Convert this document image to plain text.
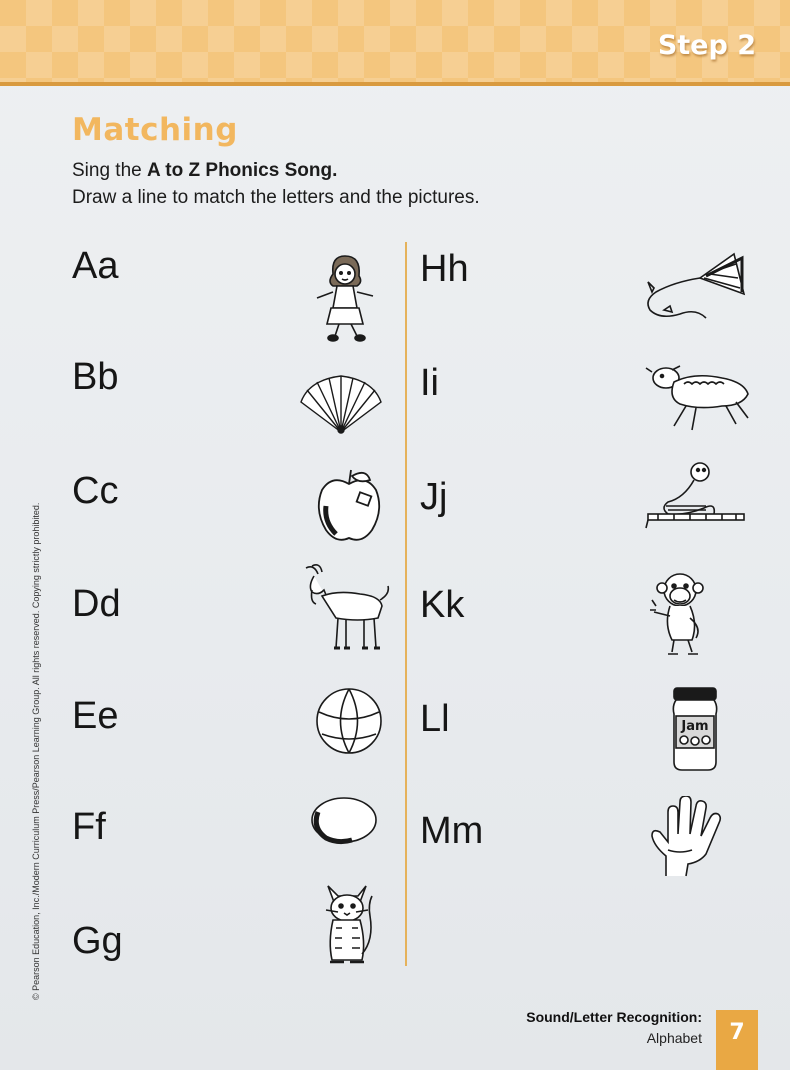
Step 2
Matching
Sing the A to Z Phonics Song.
Draw a line to match the letters and the pictures.
Aa
Bb
Cc
Dd
Ee
Ff
Gg
Hh
Ii
Jj
Kk
Ll
Mm
Jam
© Pearson Education, Inc./Modern Curriculum Press/Pearson Learning Group. All rights reserved. Copying strictly prohibited.
Sound/Letter Recognition:
Alphabet	7
